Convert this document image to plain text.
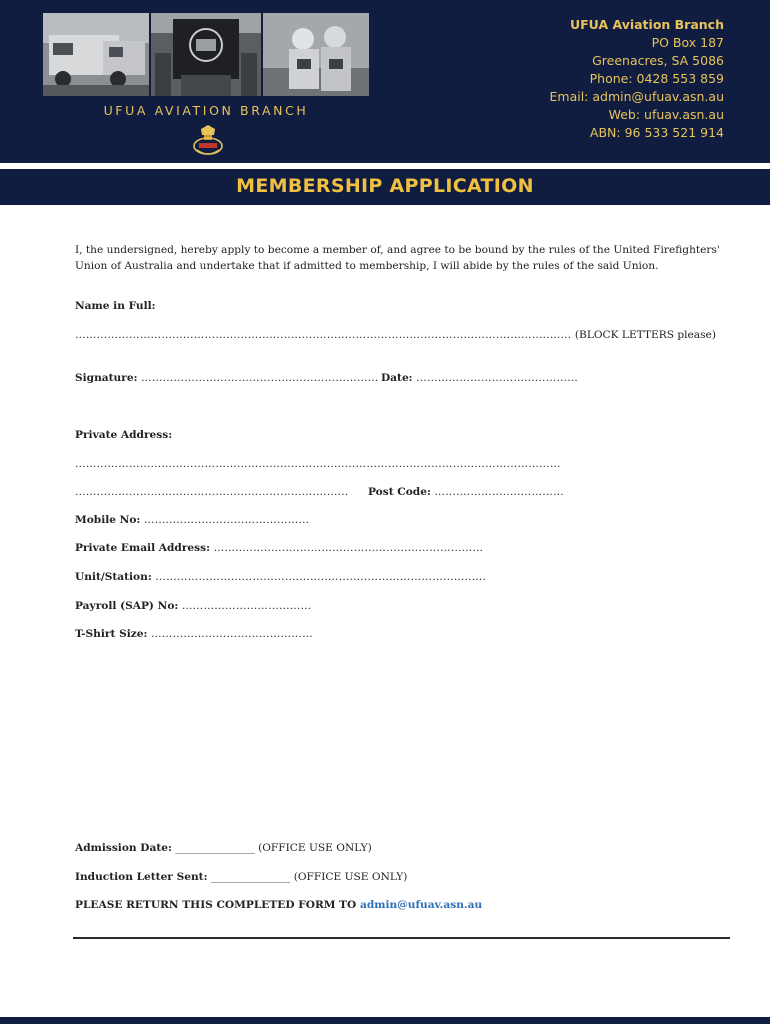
UFUA AVIATION BRANCH
UFUA Aviation Branch
PO Box 187
Greenacres, SA 5086
Phone: 0428 553 859
Email: admin@ufuav.asn.au
Web: ufuav.asn.au
ABN: 96 533 521 914
MEMBERSHIP APPLICATION

I, the undersigned, hereby apply to become a member of, and agree to be bound by the rules of the United Firefighters' Union of Australia and undertake that if admitted to membership, I will abide by the rules of the said Union.

Name in Full:
………………………………………………………….……..……………………………………….……..……… (BLOCK LETTERS please)
Signature: ………………………………………………………… Date: ………………………………………
Private Address:
………………………………………………………….……..……………………………………………………
………………………………………………………….……… Post Code: ……….……..………………
Mobile No: ……..……..…………………………
Private Email Address: ……..……..…..………………………………………………
Unit/Station: ………………………………….……..……..…………………………..….
Payroll (SAP) No: ………………………………
T-Shirt Size: ………………………………………
Admission Date: _______________ (OFFICE USE ONLY)
Induction Letter Sent: _______________ (OFFICE USE ONLY)
PLEASE RETURN THIS COMPLETED FORM TO admin@ufuav.asn.au
